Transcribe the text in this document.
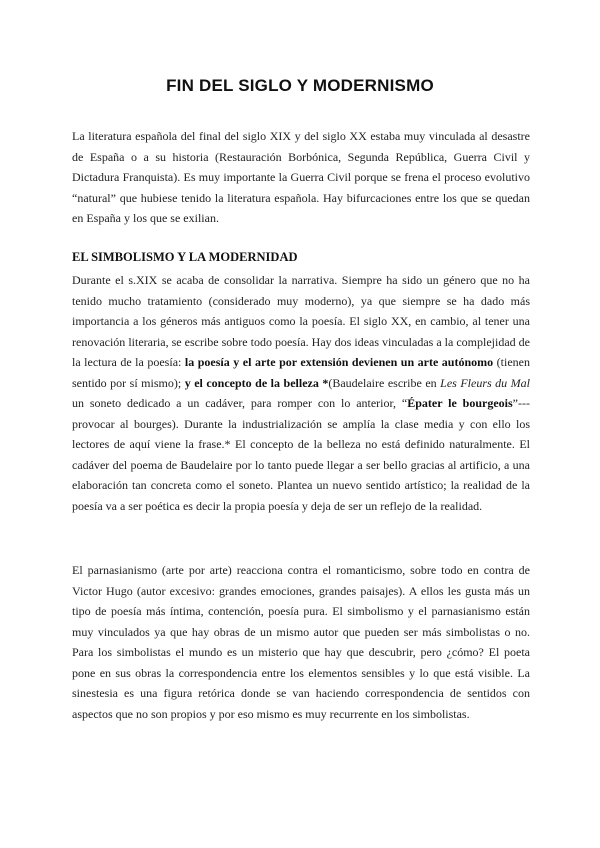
FIN DEL SIGLO Y MODERNISMO

La literatura española del final del siglo XIX y del siglo XX estaba muy vinculada al desastre de España o a su historia (Restauración Borbónica, Segunda República, Guerra Civil y Dictadura Franquista). Es muy importante la Guerra Civil porque se frena el proceso evolutivo “natural” que hubiese tenido la literatura española. Hay bifurcaciones entre los que se quedan en España y los que se exilian.

EL SIMBOLISMO Y LA MODERNIDAD

Durante el s.XIX se acaba de consolidar la narrativa. Siempre ha sido un género que no ha tenido mucho tratamiento (considerado muy moderno), ya que siempre se ha dado más importancia a los géneros más antiguos como la poesía. El siglo XX, en cambio, al tener una renovación literaria, se escribe sobre todo poesía. Hay dos ideas vinculadas a la complejidad de la lectura de la poesía: la poesía y el arte por extensión devienen un arte autónomo (tienen sentido por sí mismo); y el concepto de la belleza *(Baudelaire escribe en Les Fleurs du Mal un soneto dedicado a un cadáver, para romper con lo anterior, “Épater le bourgeois”---provocar al bourges). Durante la industrialización se amplía la clase media y con ello los lectores de aquí viene la frase.* El concepto de la belleza no está definido naturalmente. El cadáver del poema de Baudelaire por lo tanto puede llegar a ser bello gracias al artificio, a una elaboración tan concreta como el soneto. Plantea un nuevo sentido artístico; la realidad de la poesía va a ser poética es decir la propia poesía y deja de ser un reflejo de la realidad.

El parnasianismo (arte por arte) reacciona contra el romanticismo, sobre todo en contra de Victor Hugo (autor excesivo: grandes emociones, grandes paisajes). A ellos les gusta más un tipo de poesía más íntima, contención, poesía pura. El simbolismo y el parnasianismo están muy vinculados ya que hay obras de un mismo autor que pueden ser más simbolistas o no. Para los simbolistas el mundo es un misterio que hay que descubrir, pero ¿cómo? El poeta pone en sus obras la correspondencia entre los elementos sensibles y lo que está visible. La sinestesia es una figura retórica donde se van haciendo correspondencia de sentidos con aspectos que no son propios y por eso mismo es muy recurrente en los simbolistas.
